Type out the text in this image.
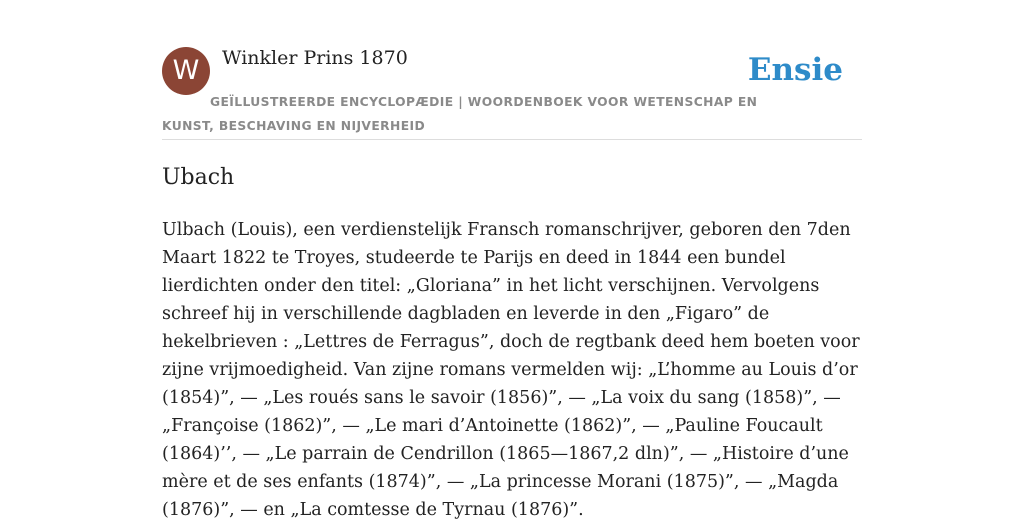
W	Winkler Prins 1870	Ensie
GEÏLLUSTREERDE ENCYCLOPÆDIE | WOORDENBOEK VOOR WETENSCHAP EN KUNST, BESCHAVING EN NIJVERHEID
Ubach

Ulbach (Louis), een verdienstelijk Fransch romanschrijver, geboren den 7den Maart 1822 te Troyes, studeerde te Parijs en deed in 1844 een bundel lierdichten onder den titel: „Gloriana” in het licht verschijnen. Vervolgens schreef hij in verschillende dagbladen en leverde in den „Figaro” de hekelbrieven : „Lettres de Ferragus”, doch de regtbank deed hem boeten voor zijne vrijmoedigheid. Van zijne romans vermelden wij: „L’homme au Louis d’or (1854)”, — „Les roués sans le savoir (1856)”, — „La voix du sang (1858)”, — „Françoise (1862)”, — „Le mari d’Antoinette (1862)”, — „Pauline Foucault (1864)’’, — „Le parrain de Cendrillon (1865—1867,2 dln)”, — „Histoire d’une mère et de ses enfants (1874)”, — „La princesse Morani (1875)”, — „Magda (1876)”, — en „La comtesse de Tyrnau (1876)”.
